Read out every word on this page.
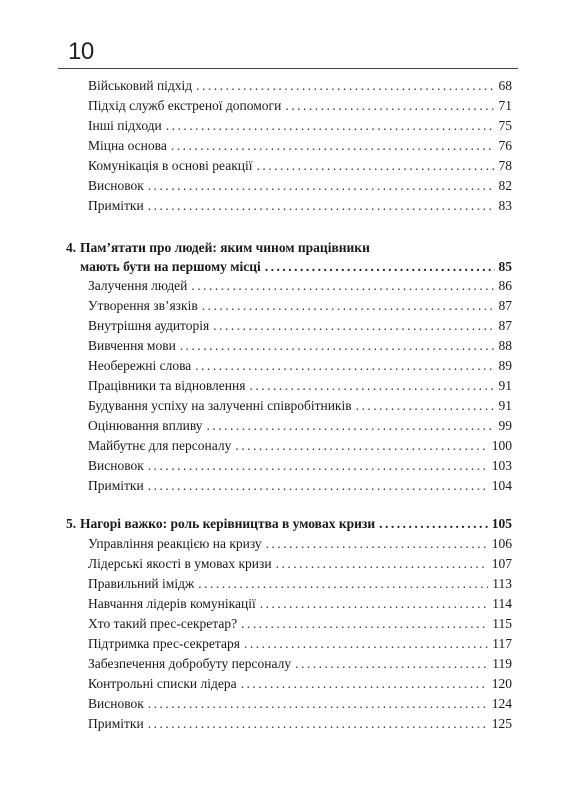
10
Військовий підхід .....	68
Підхід служб екстреної допомоги .....	71
Інші підходи .....	75
Міцна основа .....	76
Комунікація в основі реакції .....	78
Висновок .....	82
Примітки .....	83
4. Пам’ятати про людей: яким чином працівники
мають бути на першому місці .....	85
Залучення людей .....	86
Утворення зв’язків .....	87
Внутрішня аудиторія .....	87
Вивчення мови .....	88
Необережні слова .....	89
Працівники та відновлення .....	91
Будування успіху на залученні співробітників .....	91
Оцінювання впливу .....	99
Майбутнє для персоналу .....	100
Висновок .....	103
Примітки .....	104
5. Нагорі важко: роль керівництва в умовах кризи .....	105
Управління реакцією на кризу .....	106
Лідерські якості в умовах кризи .....	107
Правильний імідж .....	113
Навчання лідерів комунікації .....	114
Хто такий прес-секретар? .....	115
Підтримка прес-секретаря .....	117
Забезпечення добробуту персоналу .....	119
Контрольні списки лідера .....	120
Висновок .....	124
Примітки .....	125
